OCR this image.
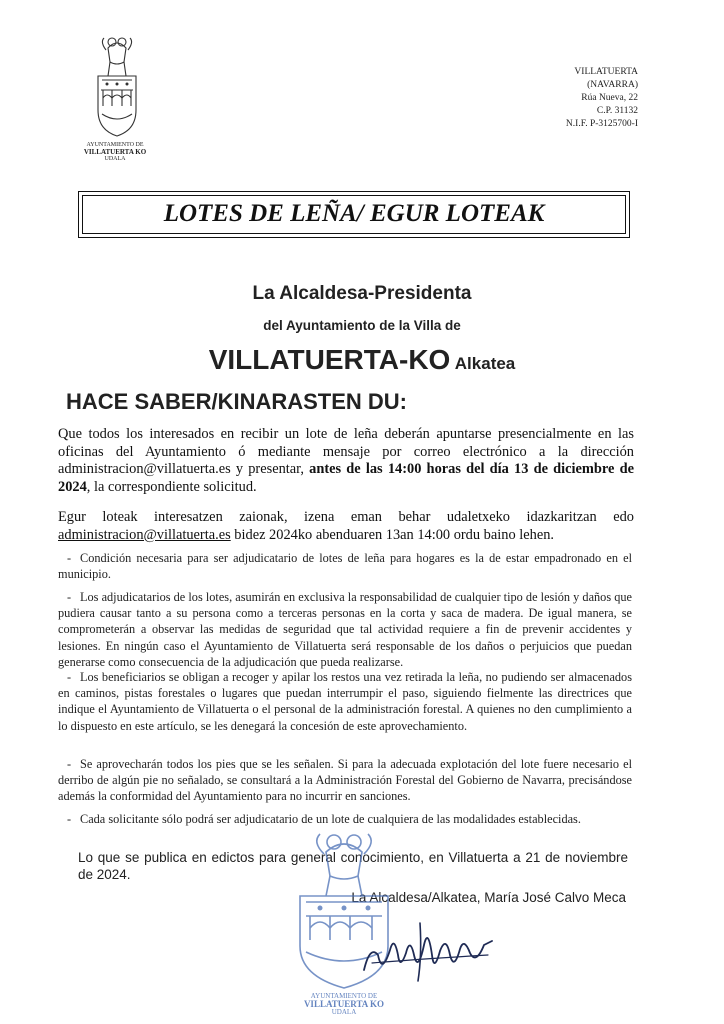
AYUNTAMIENTO DE
VILLATUERTA KO
UDALA
VILLATUERTA
(NAVARRA)
Rúa Nueva, 22
C.P. 31132
N.I.F. P-3125700-I
LOTES DE LEÑA/ EGUR LOTEAK
La Alcaldesa-Presidenta
del Ayuntamiento de la Villa de
VILLATUERTA-KO Alkatea
HACE SABER/KINARASTEN DU:
Que todos los interesados en recibir un lote de leña deberán apuntarse presencialmente en las oficinas del Ayuntamiento ó mediante mensaje por correo electrónico a la dirección administracion@villatuerta.es y presentar, antes de las 14:00 horas del día 13 de diciembre de 2024, la correspondiente solicitud.
Egur loteak interesatzen zaionak, izena eman behar udaletxeko idazkaritzan edo administracion@villatuerta.es bidez 2024ko abenduaren 13an 14:00 ordu baino lehen.
- Condición necesaria para ser adjudicatario de lotes de leña para hogares es la de estar empadronado en el municipio.
- Los adjudicatarios de los lotes, asumirán en exclusiva la responsabilidad de cualquier tipo de lesión y daños que pudiera causar tanto a su persona como a terceras personas en la corta y saca de madera. De igual manera, se comprometerán a observar las medidas de seguridad que tal actividad requiere a fin de prevenir accidentes y lesiones. En ningún caso el Ayuntamiento de Villatuerta será responsable de los daños o perjuicios que puedan generarse como consecuencia de la adjudicación que pueda realizarse.
- Los beneficiarios se obligan a recoger y apilar los restos una vez retirada la leña, no pudiendo ser almacenados en caminos, pistas forestales o lugares que puedan interrumpir el paso, siguiendo fielmente las directrices que indique el Ayuntamiento de Villatuerta o el personal de la administración forestal. A quienes no den cumplimiento a lo dispuesto en este artículo, se les denegará la concesión de este aprovechamiento.
- Se aprovecharán todos los pies que se les señalen. Si para la adecuada explotación del lote fuere necesario el derribo de algún pie no señalado, se consultará a la Administración Forestal del Gobierno de Navarra, precisándose además la conformidad del Ayuntamiento para no incurrir en sanciones.
- Cada solicitante sólo podrá ser adjudicatario de un lote de cualquiera de las modalidades establecidas.
Lo que se publica en edictos para general conocimiento, en Villatuerta a 21 de noviembre de 2024.
La Alcaldesa/Alkatea, María José Calvo Meca
AYUNTAMIENTO DE
VILLATUERTA KO
UDALA
